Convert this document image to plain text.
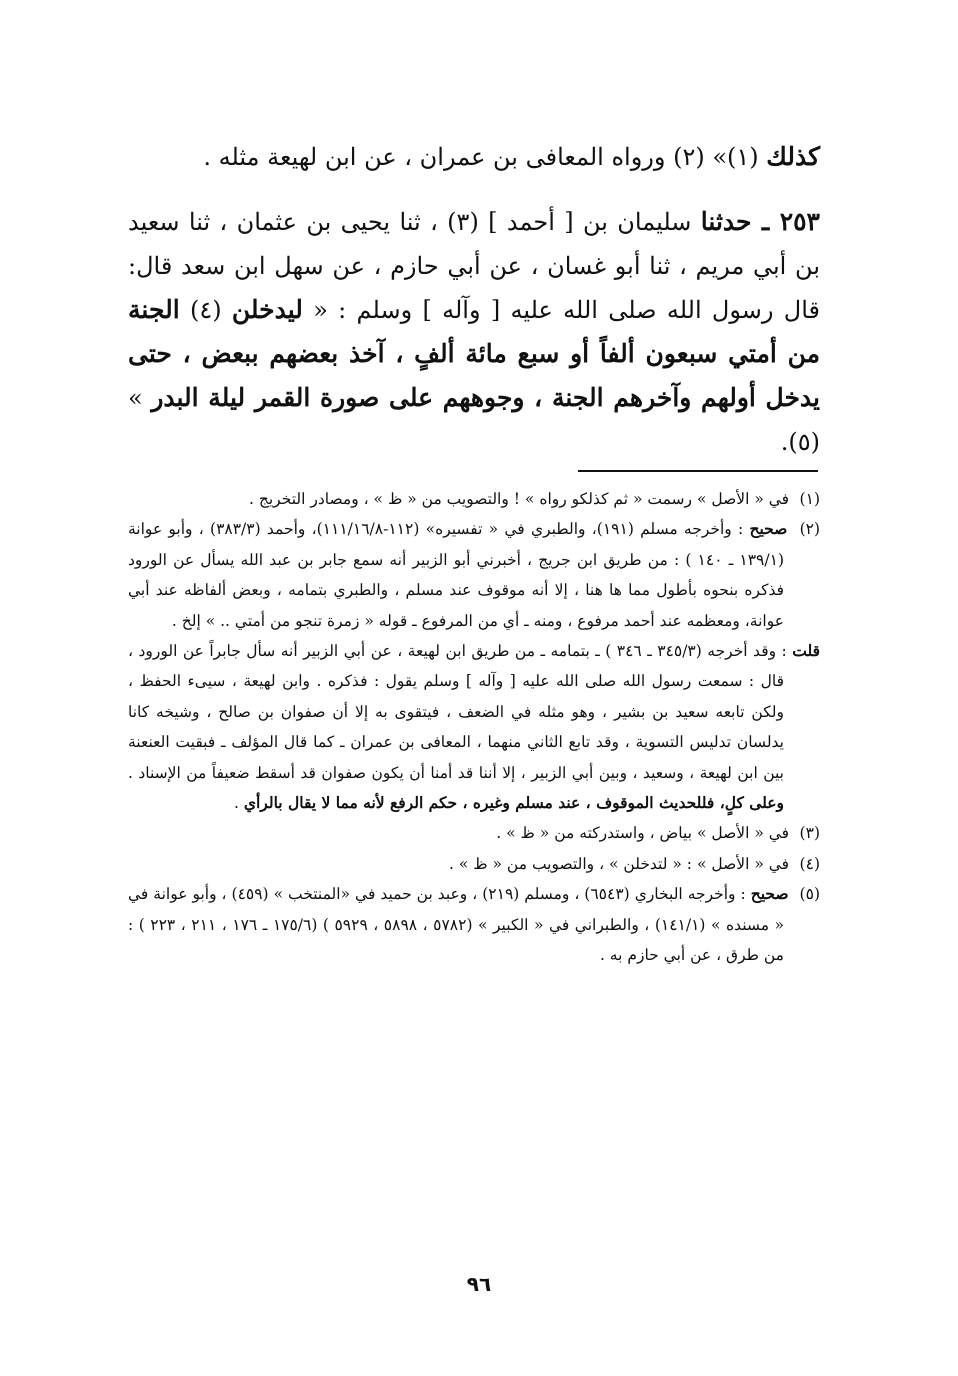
كذلك (١)» (٢) ورواه المعافى بن عمران ، عن ابن لهيعة مثله .

٢٥٣ ـ حدثنا سليمان بن [ أحمد ] (٣) ، ثنا يحيى بن عثمان ، ثنا سعيد بن أبي مريم ، ثنا أبو غسان ، عن أبي حازم ، عن سهل ابن سعد قال: قال رسول الله صلى الله عليه [ وآله ] وسلم : « ليدخلن (٤) الجنة من أمتي سبعون ألفاً أو سبع مائة ألفٍ ، آخذ بعضهم ببعض ، حتى يدخل أولهم وآخرهم الجنة ، وجوههم على صورة القمر ليلة البدر » (٥).

(١) في « الأصل » رسمت « ثم كذلكو رواه » ! والتصويب من « ظ » ، ومصادر التخريج .

(٢) صحيح : وأخرجه مسلم (١٩١)، والطبري في « تفسيره» (١١٢-١١١/١٦/٨)، وأحمد (٣٨٣/٣) ، وأبو عوانة (١٣٩/١ ـ ١٤٠ ) : من طريق ابن جريج ، أخبرني أبو الزبير أنه سمع جابر بن عبد الله يسأل عن الورود فذكره بنحوه بأطول مما ها هنا ، إلا أنه موقوف عند مسلم ، والطبري بتمامه ، وبعض ألفاظه عند أبي عوانة، ومعظمه عند أحمد مرفوع ، ومنه ـ أي من المرفوع ـ قوله « زمرة تنجو من أمتي .. » إلخ .

قلت : وقد أخرجه (٣٤٥/٣ ـ ٣٤٦ ) ـ بتمامه ـ من طريق ابن لهيعة ، عن أبي الزبير أنه سأل جابراً عن الورود ، قال : سمعت رسول الله صلى الله عليه [ وآله ] وسلم يقول : فذكره . وابن لهيعة ، سيىء الحفظ ، ولكن تابعه سعيد بن بشير ، وهو مثله في الضعف ، فيتقوى به إلا أن صفوان بن صالح ، وشيخه كانا يدلسان تدليس التسوية ، وقد تابع الثاني منهما ، المعافى بن عمران ـ كما قال المؤلف ـ فبقيت العنعنة بين ابن لهيعة ، وسعيد ، وبين أبي الزبير ، إلا أننا قد أمنا أن يكون صفوان قد أسقط ضعيفاً من الإسناد . وعلى كلٍ، فللحديث الموقوف ، عند مسلم وغيره ، حكم الرفع لأنه مما لا يقال بالرأي .

(٣) في « الأصل » بياض ، واستدركته من « ظ » .

(٤) في « الأصل » : « لتدخلن » ، والتصويب من « ظ » .

(٥) صحيح : وأخرجه البخاري (٦٥٤٣) ، ومسلم (٢١٩) ، وعبد بن حميد في «المنتخب » (٤٥٩) ، وأبو عوانة في « مسنده » (١٤١/١) ، والطبراني في « الكبير » (٥٧٨٢ ، ٥٨٩٨ ، ٥٩٢٩ ) (١٧٥/٦ ـ ١٧٦ ، ٢١١ ، ٢٢٣ ) : من طرق ، عن أبي حازم به .

٩٦
